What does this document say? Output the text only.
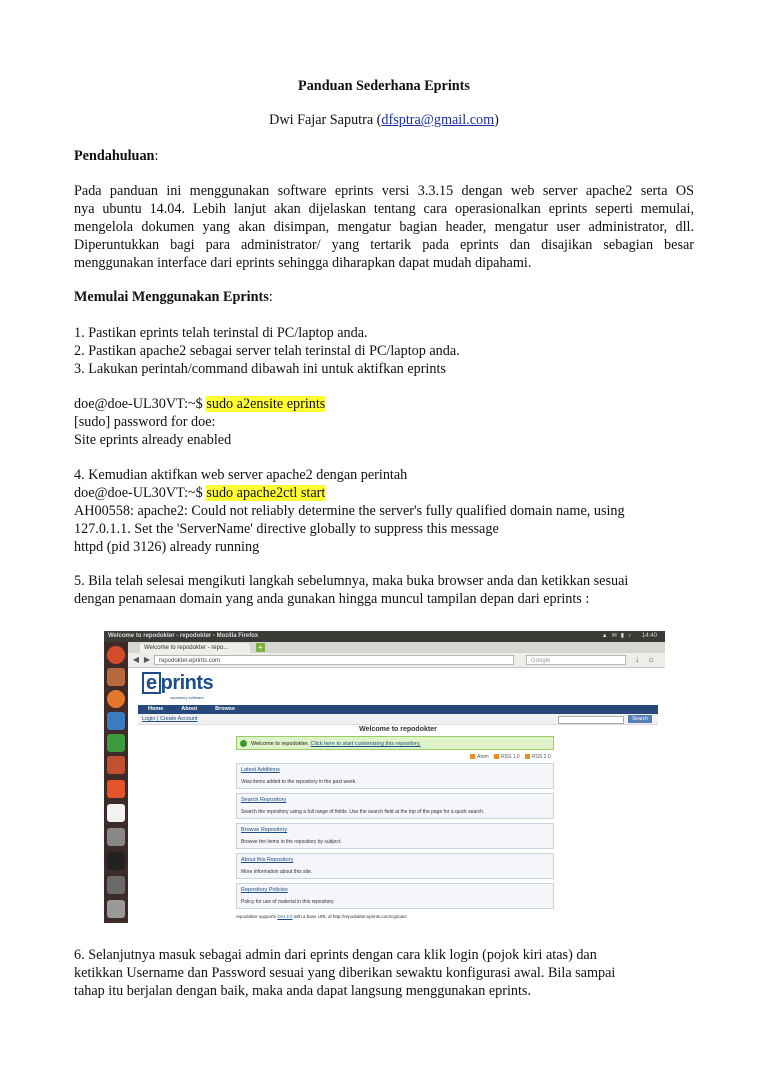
Panduan Sederhana Eprints
Dwi Fajar Saputra (dfsptra@gmail.com)
Pendahuluan:
Pada panduan ini menggunakan software eprints versi 3.3.15 dengan web server apache2 serta OS
nya ubuntu 14.04. Lebih lanjut akan dijelaskan tentang cara operasionalkan eprints seperti memulai,
mengelola dokumen yang akan disimpan, mengatur bagian header, mengatur user administrator, dll.
Diperuntukkan bagi para administrator/ yang tertarik pada eprints dan disajikan sebagian besar
menggunakan interface dari eprints sehingga diharapkan dapat mudah dipahami.
Memulai Menggunakan Eprints:
1. Pastikan eprints telah terinstal di PC/laptop anda.
2. Pastikan apache2 sebagai server telah terinstal di PC/laptop anda.
3. Lakukan perintah/command dibawah ini untuk aktifkan eprints
doe@doe-UL30VT:~$ sudo a2ensite eprints
[sudo] password for doe:
Site eprints already enabled
4. Kemudian aktifkan web server apache2 dengan perintah
doe@doe-UL30VT:~$ sudo apache2ctl start
AH00558: apache2: Could not reliably determine the server's fully qualified domain name, using
127.0.1.1. Set the 'ServerName' directive globally to suppress this message
httpd (pid 3126) already running
5. Bila telah selesai mengikuti langkah sebelumnya, maka buka browser anda dan ketikkan sesuai
dengan penamaan domain yang anda gunakan hingga muncul tampilan depan dari eprints :
6. Selanjutnya masuk sebagai admin dari eprints dengan cara klik login (pojok kiri atas) dan
ketikkan Username dan Password sesuai yang diberikan sewaktu konfigurasi awal. Bila sampai
tahap itu berjalan dengan baik, maka anda dapat langsung menggunakan eprints.
Welcome to repodokter - repodokter - Mozilla Firefox	▲✉▮♪ 14:40
Welcome to repodokter - repo...	+
◀ ▶	repodokter.eprints.com	Google	↓	⌂
e prints
repository software
Home	About	Browse
Login | Create Account	Search
Welcome to repodokter
Welcome to repodokter. Click here to start customising this repository.
Atom RSS 1.0 RSS 2.0
Latest Additions
View items added to the repository in the past week.
Search Repository
Search the repository using a full range of fields. Use the search field at the top of the page for a quick search.
Browse Repository
Browse the items in the repository by subject.
About this Repository
More information about this site.
Repository Policies
Policy for use of material in this repository.
repodokter supports OAI 2.0 with a base URL of http://repodokter.eprints.com/cgi/oai2
